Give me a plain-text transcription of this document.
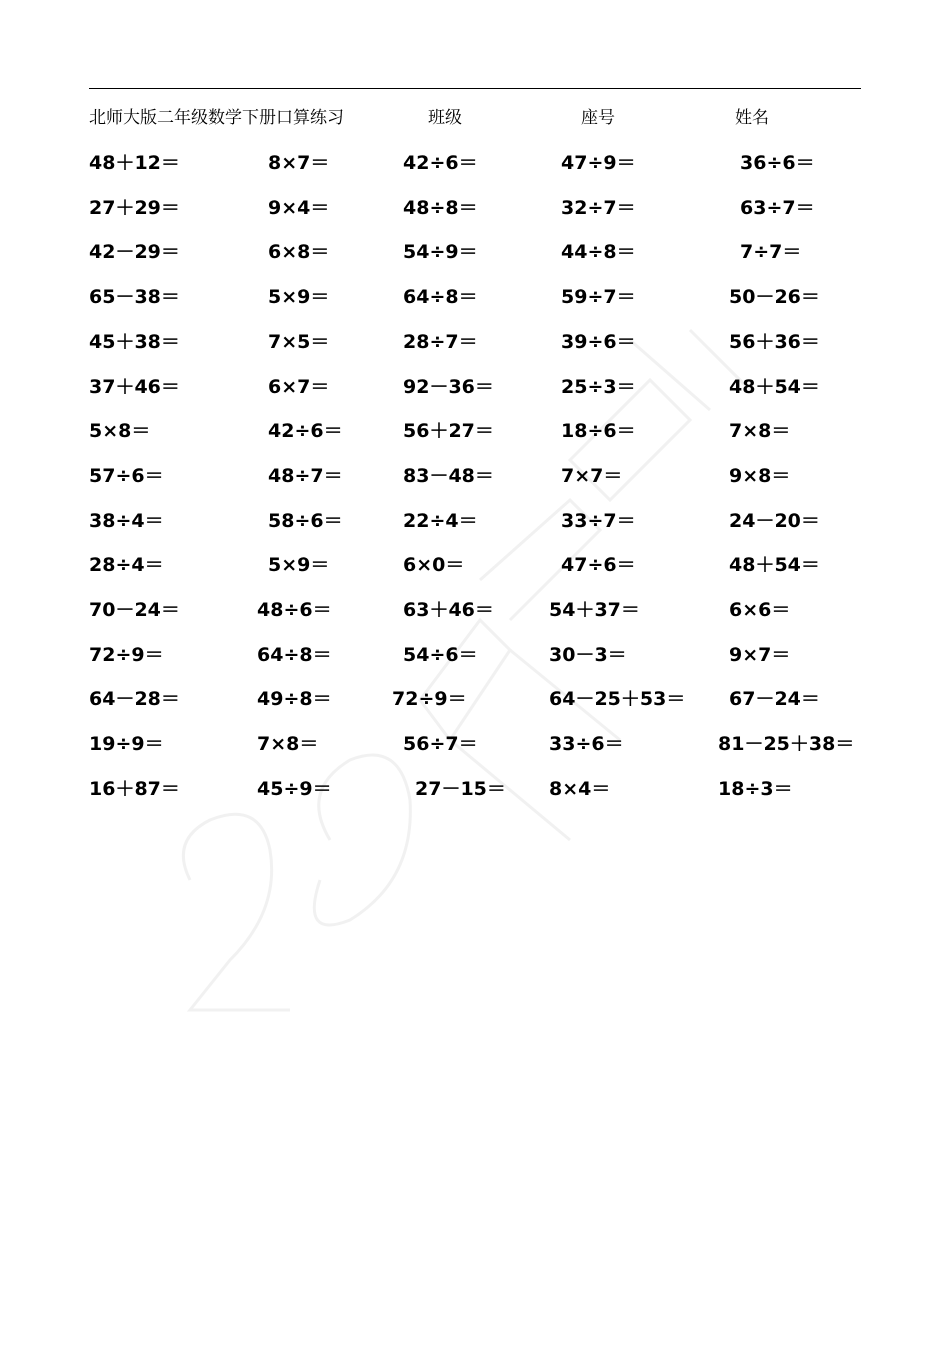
北师大版二年级数学下册口算练习	班级	座号	姓名
48＋12＝	8×7＝	42÷6＝	47÷9＝	36÷6＝
27＋29＝	9×4＝	48÷8＝	32÷7＝	63÷7＝
42－29＝	6×8＝	54÷9＝	44÷8＝	7÷7＝
65－38＝	5×9＝	64÷8＝	59÷7＝	50－26＝
45＋38＝	7×5＝	28÷7＝	39÷6＝	56＋36＝
37＋46＝	6×7＝	92－36＝	25÷3＝	48＋54＝
5×8＝	42÷6＝	56＋27＝	18÷6＝	7×8＝
57÷6＝	48÷7＝	83－48＝	7×7＝	9×8＝
38÷4＝	58÷6＝	22÷4＝	33÷7＝	24－20＝
28÷4＝	5×9＝	6×0＝	47÷6＝	48＋54＝
70－24＝	48÷6＝	63＋46＝	54＋37＝	6×6＝
72÷9＝	64÷8＝	54÷6＝	30－3＝	9×7＝
64－28＝	49÷8＝	72÷9＝	64－25＋53＝ 67－24＝
19÷9＝	7×8＝	56÷7＝	33÷6＝	81－25＋38＝
16＋87＝	45÷9＝	27－15＝ 8×4＝	18÷3＝
